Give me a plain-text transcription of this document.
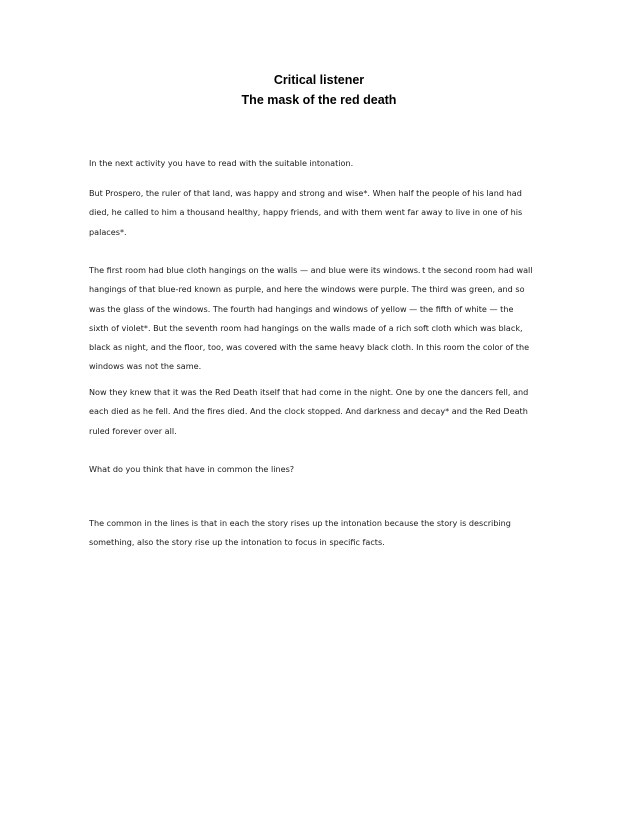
Critical listener
The mask of the red death
In the next activity you have to read with the suitable intonation.
But Prospero, the ruler of that land, was happy and strong and wise*. When half the people of his land had
died, he called to him a thousand healthy, happy friends, and with them went far away to live in one of his
palaces*.
The first room had blue cloth hangings on the walls — and blue were its windows.  t the second room had wall
hangings of that blue-red known as purple, and here the windows were purple. The third was green, and so
was the glass of the windows. The fourth had hangings and windows of yellow — the fifth of white — the
sixth of violet*. But the seventh room had hangings on the walls made of a rich soft cloth which was black,
black as night, and the floor, too, was covered with the same heavy black cloth. In this room the color of the
windows was not the same.
Now they knew that it was the Red Death itself that had come in the night. One by one the dancers fell, and
each died as he fell. And the fires died. And the clock stopped. And darkness and decay* and the Red Death
ruled forever over all.
What do you think that have in common the lines?
The common in the lines is that in each the story rises up the intonation because the story is describing
something, also the story rise up the intonation to focus in specific facts.
